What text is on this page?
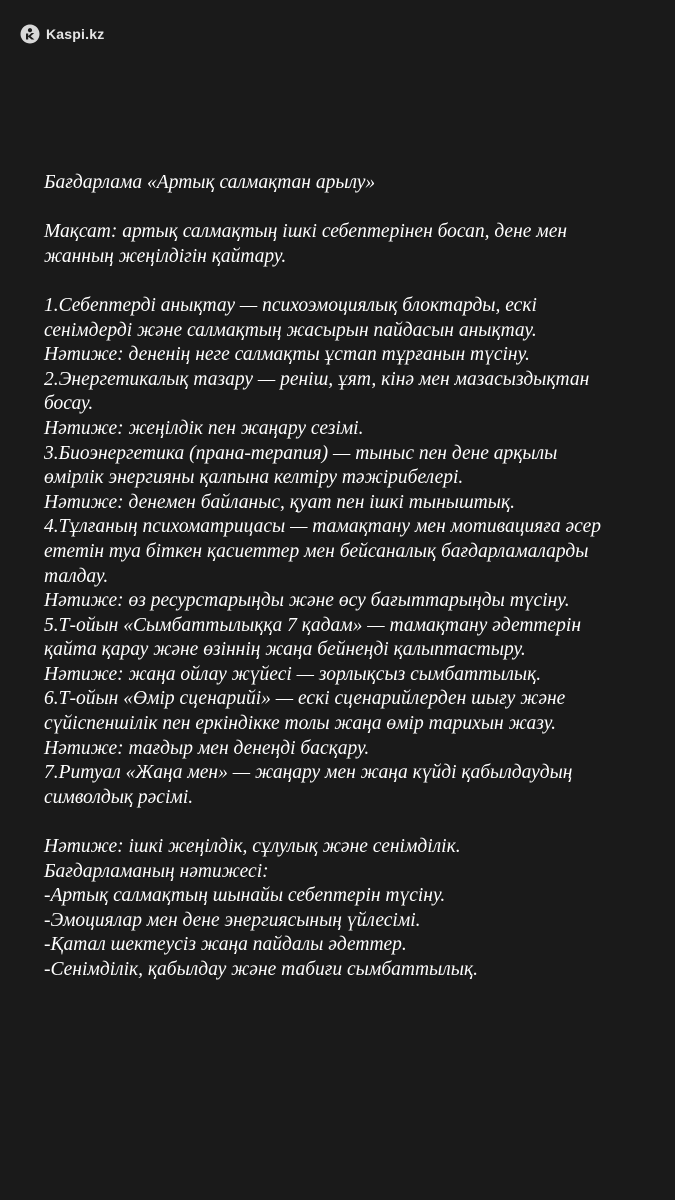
Kaspi.kz
Бағдарлама «Артық салмақтан арылу»
Мақсат: артық салмақтың ішкі себептерінен босап, дене мен
жанның жеңілдігін қайтару.
1.Себептерді анықтау — психоэмоциялық блоктарды, ескі
сенімдерді және салмақтың жасырын пайдасын анықтау.
Нәтиже: дененің неге салмақты ұстап тұрғанын түсіну.
2.Энергетикалық тазару — реніш, ұят, кінә мен мазасыздықтан
босау.
Нәтиже: жеңілдік пен жаңару сезімі.
3.Биоэнергетика (прана-терапия) — тыныс пен дене арқылы
өмірлік энергияны қалпына келтіру тәжірибелері.
Нәтиже: денемен байланыс, қуат пен ішкі тыныштық.
4.Тұлғаның психоматрицасы — тамақтану мен мотивацияға әсер
ететін туа біткен қасиеттер мен бейсаналық бағдарламаларды
талдау.
Нәтиже: өз ресурстарыңды және өсу бағыттарыңды түсіну.
5.Т-ойын «Сымбаттылыққа 7 қадам» — тамақтану әдеттерін
қайта қарау және өзіннің жаңа бейнеңді қалыптастыру.
Нәтиже: жаңа ойлау жүйесі — зорлықсыз сымбаттылық.
6.Т-ойын «Өмір сценарийі» — ескі сценарийлерден шығу және
сүйіспеншілік пен еркіндікке толы жаңа өмір тарихын жазу.
Нәтиже: тағдыр мен денеңді басқару.
7.Ритуал «Жаңа мен» — жаңару мен жаңа күйді қабылдаудың
символдық рәсімі.
Нәтиже: ішкі жеңілдік, сұлулық және сенімділік.
Бағдарламаның нәтижесі:
-Артық салмақтың шынайы себептерін түсіну.
-Эмоциялар мен дене энергиясының үйлесімі.
-Қатал шектеусіз жаңа пайдалы әдеттер.
-Сенімділік, қабылдау және табиғи сымбаттылық.
